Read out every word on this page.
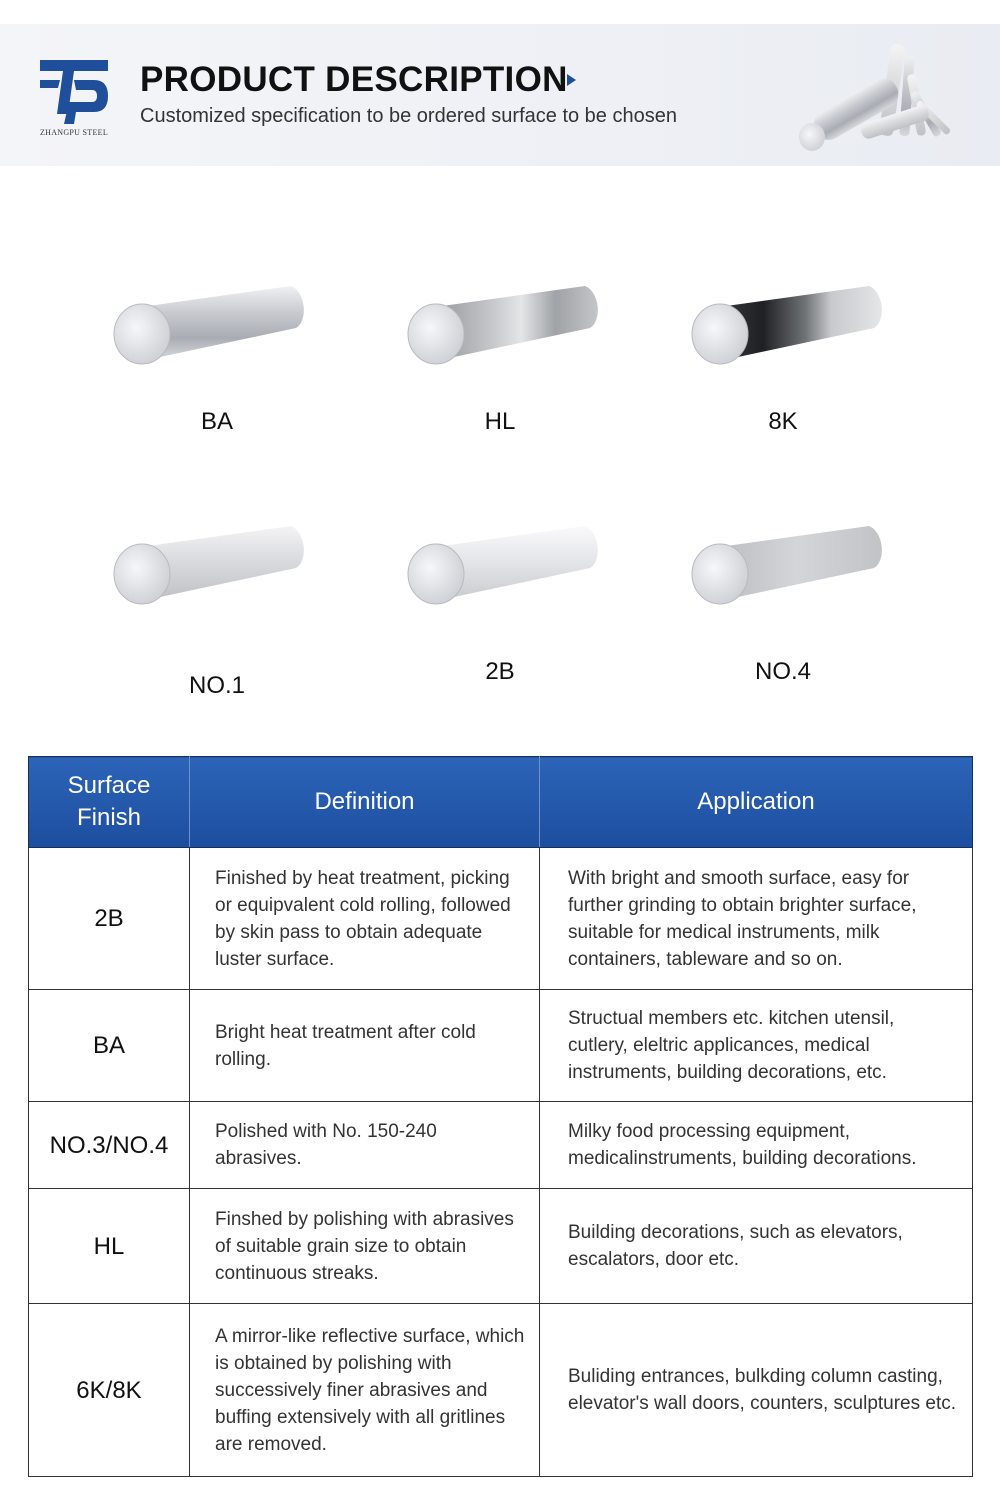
ZHANGPU STEEL
PRODUCT DESCRIPTION
Customized specification to be ordered surface to be chosen
BA	HL	8K
NO.1
2B	NO.4
Surface Finish	Definition	Application
2B	Finished by heat treatment, picking or equipvalent cold rolling, followed by skin pass to obtain adequate luster surface.	With bright and smooth surface, easy for further grinding to obtain brighter surface, suitable for medical instruments, milk containers, tableware and so on.
BA	Bright heat treatment after cold rolling.	Structual members etc. kitchen utensil, cutlery, eleltric applicances, medical instruments, building decorations, etc.
NO.3/NO.4	Polished with No. 150-240 abrasives.	Milky food processing equipment, medicalinstruments, building decorations.
HL	Finshed by polishing with abrasives of suitable grain size to obtain continuous streaks.	Building decorations, such as elevators, escalators, door etc.
6K/8K	A mirror-like reflective surface, which is obtained by polishing with successively finer abrasives and buffing extensively with all gritlines are removed.	Buliding entrances, bulkding column casting, elevator's wall doors, counters, sculptures etc.
